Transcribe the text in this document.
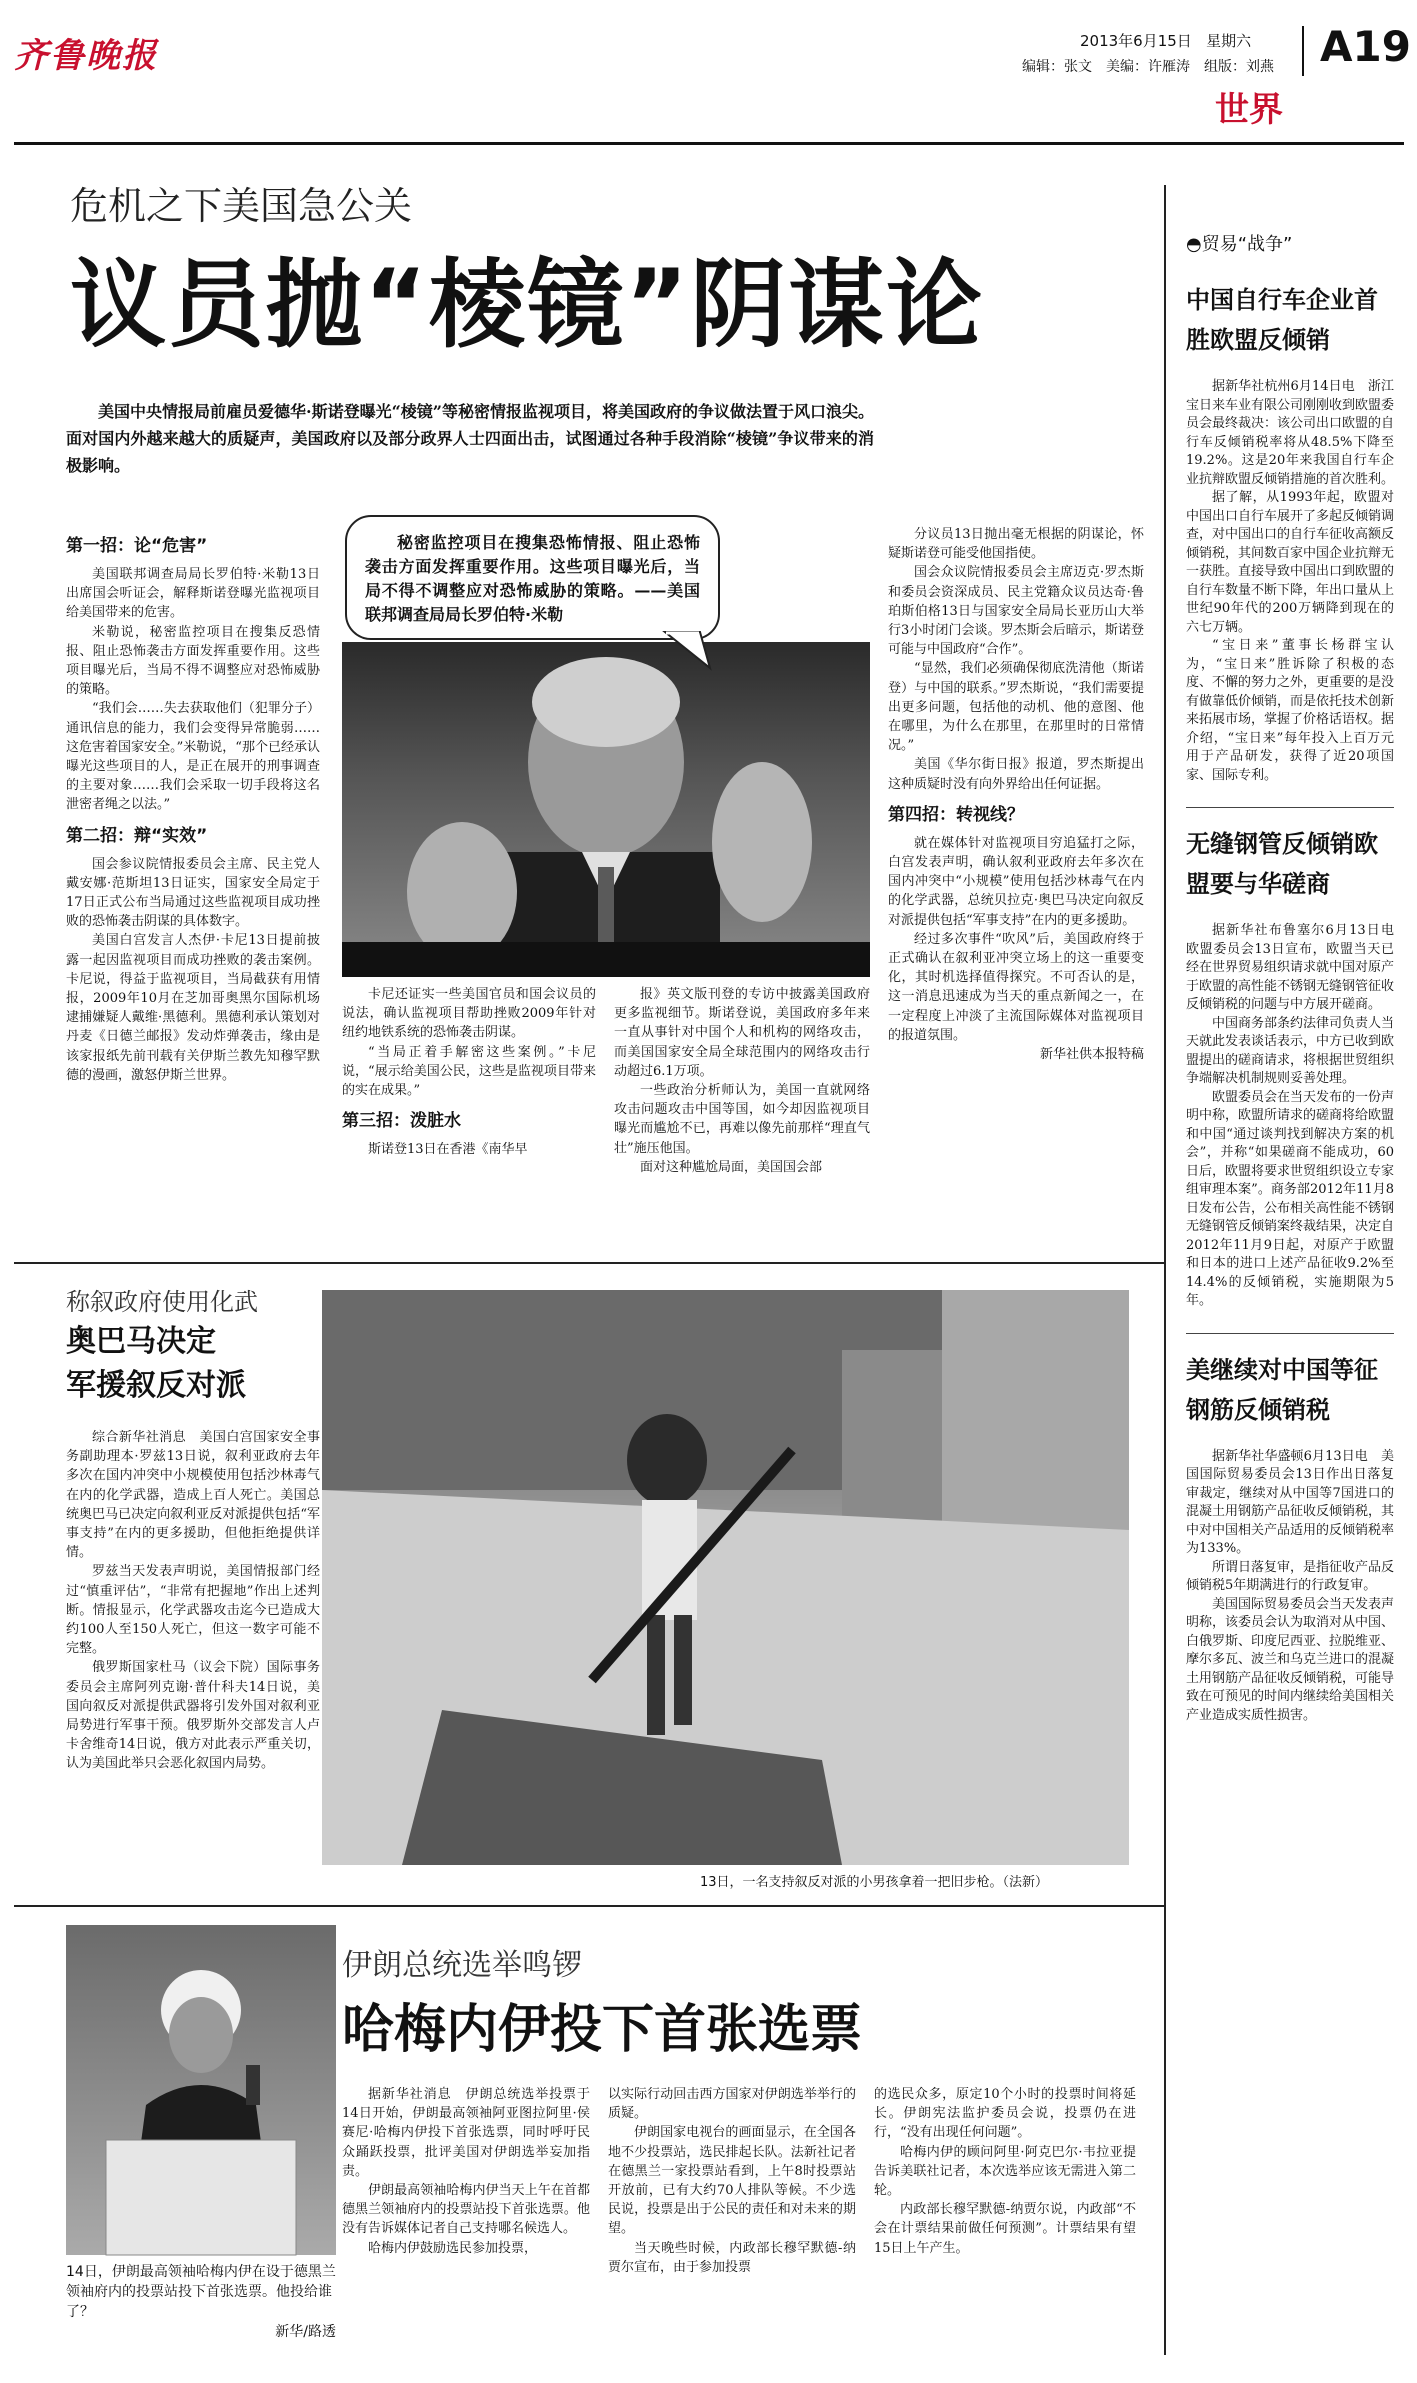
齐鲁晚报	2013年6月15日 星期六
编辑：张文　美编：许雁涛　组版：刘燕 A19
世界
危机之下美国急公关
议员抛“棱镜”阴谋论

美国中央情报局前雇员爱德华·斯诺登曝光“棱镜”等秘密情报监视项目，将美国政府的争议做法置于风口浪尖。面对国内外越来越大的质疑声，美国政府以及部分政界人士四面出击，试图通过各种手段消除“棱镜”争议带来的消极影响。

第一招：论“危害”

美国联邦调查局局长罗伯特·米勒13日出席国会听证会，解释斯诺登曝光监视项目给美国带来的危害。

米勒说，秘密监控项目在搜集反恐情报、阻止恐怖袭击方面发挥重要作用。这些项目曝光后，当局不得不调整应对恐怖威胁的策略。

“我们会……失去获取他们（犯罪分子）通讯信息的能力，我们会变得异常脆弱……这危害着国家安全。”米勒说，“那个已经承认曝光这些项目的人，是正在展开的刑事调查的主要对象……我们会采取一切手段将这名泄密者绳之以法。”

第二招：辩“实效”

国会参议院情报委员会主席、民主党人戴安娜·范斯坦13日证实，国家安全局定于17日正式公布当局通过这些监视项目成功挫败的恐怖袭击阴谋的具体数字。

美国白宫发言人杰伊·卡尼13日提前披露一起因监视项目而成功挫败的袭击案例。卡尼说，得益于监视项目，当局截获有用情报，2009年10月在芝加哥奥黑尔国际机场逮捕嫌疑人戴维·黑德利。黑德利承认策划对丹麦《日德兰邮报》发动炸弹袭击，缘由是该家报纸先前刊载有关伊斯兰教先知穆罕默德的漫画，激怒伊斯兰世界。

秘密监控项目在搜集恐怖情报、阻止恐怖袭击方面发挥重要作用。这些项目曝光后，当局不得不调整应对恐怖威胁的策略。——美国联邦调查局局长罗伯特·米勒

卡尼还证实一些美国官员和国会议员的说法，确认监视项目帮助挫败2009年针对纽约地铁系统的恐怖袭击阴谋。

“当局正着手解密这些案例。”卡尼说，“展示给美国公民，这些是监视项目带来的实在成果。”

第三招：泼脏水

斯诺登13日在香港《南华早

报》英文版刊登的专访中披露美国政府更多监视细节。斯诺登说，美国政府多年来一直从事针对中国个人和机构的网络攻击，而美国国家安全局全球范围内的网络攻击行动超过6.1万项。

一些政治分析师认为，美国一直就网络攻击问题攻击中国等国，如今却因监视项目曝光而尴尬不已，再难以像先前那样“理直气壮”施压他国。

面对这种尴尬局面，美国国会部

分议员13日抛出毫无根据的阴谋论，怀疑斯诺登可能受他国指使。

国会众议院情报委员会主席迈克·罗杰斯和委员会资深成员、民主党籍众议员达奇·鲁珀斯伯格13日与国家安全局局长亚历山大举行3小时闭门会谈。罗杰斯会后暗示，斯诺登可能与中国政府“合作”。

“显然，我们必须确保彻底洗清他（斯诺登）与中国的联系。”罗杰斯说，“我们需要提出更多问题，包括他的动机、他的意图、他在哪里，为什么在那里，在那里时的日常情况。”

美国《华尔街日报》报道，罗杰斯提出这种质疑时没有向外界给出任何证据。

第四招：转视线？

就在媒体针对监视项目穷追猛打之际，白宫发表声明，确认叙利亚政府去年多次在国内冲突中“小规模”使用包括沙林毒气在内的化学武器，总统贝拉克·奥巴马决定向叙反对派提供包括“军事支持”在内的更多援助。

经过多次事件“吹风”后，美国政府终于正式确认在叙利亚冲突立场上的这一重要变化，其时机选择值得探究。不可否认的是，这一消息迅速成为当天的重点新闻之一，在一定程度上冲淡了主流国际媒体对监视项目的报道氛围。

新华社供本报特稿

称叙政府使用化武
奥巴马决定
军援叙反对派

综合新华社消息　美国白宫国家安全事务副助理本·罗兹13日说，叙利亚政府去年多次在国内冲突中小规模使用包括沙林毒气在内的化学武器，造成上百人死亡。美国总统奥巴马已决定向叙利亚反对派提供包括“军事支持”在内的更多援助，但他拒绝提供详情。

罗兹当天发表声明说，美国情报部门经过“慎重评估”，“非常有把握地”作出上述判断。情报显示，化学武器攻击迄今已造成大约100人至150人死亡，但这一数字可能不完整。

俄罗斯国家杜马（议会下院）国际事务委员会主席阿列克谢·普什科夫14日说，美国向叙反对派提供武器将引发外国对叙利亚局势进行军事干预。俄罗斯外交部发言人卢卡舍维奇14日说，俄方对此表示严重关切，认为美国此举只会恶化叙国内局势。

13日，一名支持叙反对派的小男孩拿着一把旧步枪。（法新）
14日，伊朗最高领袖哈梅内伊在设于德黑兰领袖府内的投票站投下首张选票。他投给谁了？
新华/路透
伊朗总统选举鸣锣
哈梅内伊投下首张选票

据新华社消息　伊朗总统选举投票于14日开始，伊朗最高领袖阿亚图拉阿里·侯赛尼·哈梅内伊投下首张选票，同时呼吁民众踊跃投票，批评美国对伊朗选举妄加指责。

伊朗最高领袖哈梅内伊当天上午在首都德黑兰领袖府内的投票站投下首张选票。他没有告诉媒体记者自己支持哪名候选人。

哈梅内伊鼓励选民参加投票，

以实际行动回击西方国家对伊朗选举举行的质疑。

伊朗国家电视台的画面显示，在全国各地不少投票站，选民排起长队。法新社记者在德黑兰一家投票站看到，上午8时投票站开放前，已有大约70人排队等候。不少选民说，投票是出于公民的责任和对未来的期望。

当天晚些时候，内政部长穆罕默德-纳贾尔宣布，由于参加投票

的选民众多，原定10个小时的投票时间将延长。伊朗宪法监护委员会说，投票仍在进行，“没有出现任何问题”。

哈梅内伊的顾问阿里·阿克巴尔·韦拉亚提告诉美联社记者，本次选举应该无需进入第二轮。

内政部长穆罕默德-纳贾尔说，内政部“不会在计票结果前做任何预测”。计票结果有望15日上午产生。

◓贸易“战争”
中国自行车企业首胜欧盟反倾销

据新华社杭州6月14日电　浙江宝日来车业有限公司刚刚收到欧盟委员会最终裁决：该公司出口欧盟的自行车反倾销税率将从48.5%下降至19.2%。这是20年来我国自行车企业抗辩欧盟反倾销措施的首次胜利。

据了解，从1993年起，欧盟对中国出口自行车展开了多起反倾销调查，对中国出口的自行车征收高额反倾销税，其间数百家中国企业抗辩无一获胜。直接导致中国出口到欧盟的自行车数量不断下降，年出口量从上世纪90年代的200万辆降到现在的六七万辆。

“宝日来”董事长杨群宝认为，“宝日来”胜诉除了积极的态度、不懈的努力之外，更重要的是没有做靠低价倾销，而是依托技术创新来拓展市场，掌握了价格话语权。据介绍，“宝日来”每年投入上百万元用于产品研发，获得了近20项国家、国际专利。

无缝钢管反倾销欧盟要与华磋商

据新华社布鲁塞尔6月13日电　欧盟委员会13日宣布，欧盟当天已经在世界贸易组织请求就中国对原产于欧盟的高性能不锈钢无缝钢管征收反倾销税的问题与中方展开磋商。

中国商务部条约法律司负责人当天就此发表谈话表示，中方已收到欧盟提出的磋商请求，将根据世贸组织争端解决机制规则妥善处理。

欧盟委员会在当天发布的一份声明中称，欧盟所请求的磋商将给欧盟和中国“通过谈判找到解决方案的机会”，并称“如果磋商不能成功，60日后，欧盟将要求世贸组织设立专家组审理本案”。商务部2012年11月8日发布公告，公布相关高性能不锈钢无缝钢管反倾销案终裁结果，决定自2012年11月9日起，对原产于欧盟和日本的进口上述产品征收9.2%至14.4%的反倾销税，实施期限为5年。

美继续对中国等征钢筋反倾销税

据新华社华盛顿6月13日电　美国国际贸易委员会13日作出日落复审裁定，继续对从中国等7国进口的混凝土用钢筋产品征收反倾销税，其中对中国相关产品适用的反倾销税率为133%。

所谓日落复审，是指征收产品反倾销税5年期满进行的行政复审。

美国国际贸易委员会当天发表声明称，该委员会认为取消对从中国、白俄罗斯、印度尼西亚、拉脱维亚、摩尔多瓦、波兰和乌克兰进口的混凝土用钢筋产品征收反倾销税，可能导致在可预见的时间内继续给美国相关产业造成实质性损害。
